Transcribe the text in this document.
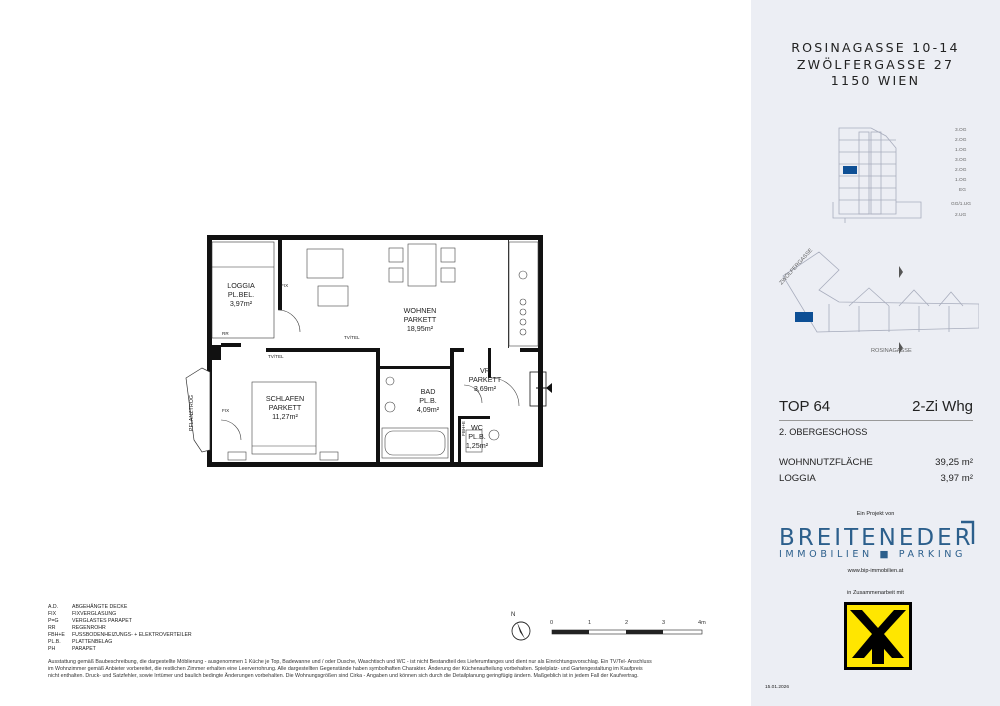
LOGGIA
PL.BEL.
3,97m²
WOHNEN
PARKETT
18,95m²
SCHLAFEN
PARKETT
11,27m²
VR
PARKETT
3,69m²
BAD
PL.B.
4,09m²
WC
PL.B.
1,25m²
TV/TEL
TV/TEL
FIX
FIX
RR
FBH+E
PFLANZTROG
A.D.	ABGEHÄNGTE DECKE
FIX	FIXVERGLASUNG
P=G	VERGLASTES PARAPET
RR	REGENROHR
FBH+E	FUSSBODENHEIZUNGS- + ELEKTROVERTEILER
PL.B.	PLATTENBELAG
PH	PARAPET
Ausstattung gemäß Baubeschreibung, die dargestellte Möblierung - ausgenommen 1 Küche je Top, Badewanne und / oder Dusche, Waschtisch und WC - ist nicht Bestandteil des Lieferumfanges und dient nur als Einrichtungsvorschlag. Ein TV/Tel- Anschluss
im Wohnzimmer gemäß Anbieter vorbereitet, die restlichen Zimmer erhalten eine Leerverrohrung. Alle dargestellten Gegenstände haben symbolhaften Charakter. Änderung der Küchenaufteilung vorbehalten. Spielplatz- und Gartengestaltung im Kaufpreis
nicht enthalten. Druck- und Satzfehler, sowie Irrtümer und baulich bedingte Änderungen vorbehalten. Die Wohnungsgrößen sind Cirka - Angaben und können sich durch die Detailplanung geringfügig ändern. Maßgeblich ist in jedem Fall der Kaufvertrag.
N
0	1	2	3	4m
ROSINAGASSE 10-14
ZWÖLFERGASSE 27
1150 WIEN
3.OG
2.OG
1.OG
3.OG
2.OG
1.OG
EG
GG/1.UG
2.UG
ZWÖLFERGASSE
ROSINAGASSE
TOP 64	2-Zi Whg
2. OBERGESCHOSS
WOHNNUTZFLÄCHE	39,25 m²
LOGGIA	3,97 m²
Ein Projekt von
BREITENEDER
IMMOBILIEN ■ PARKING
www.bip-immobilien.at
in Zusammenarbeit mit
15.01.2026
